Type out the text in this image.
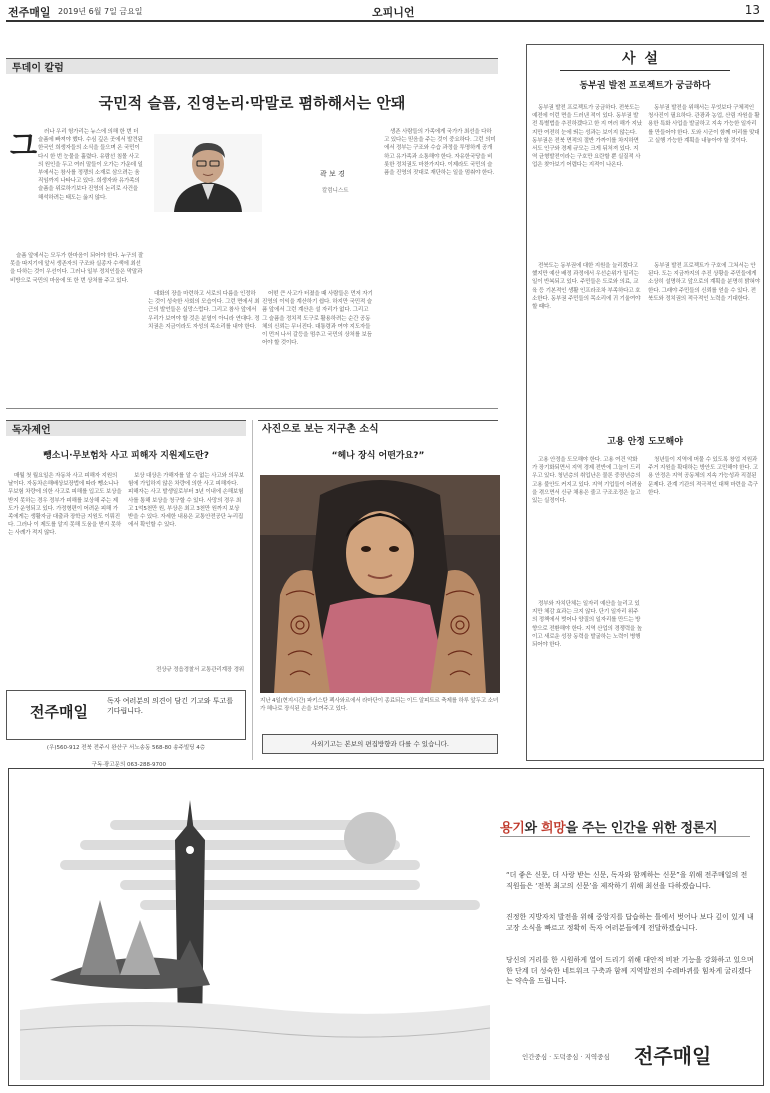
전주매일 2019년 6월 7일 금요일	오피니언	13
투데이 칼럼
국민적 슬픔, 진영논리·막말로 폄하해서는 안돼
그	러나 우리 헝가리는 뉴스에 의해 한 번 더 슬픔에 빠져야 했다. 수심 깊은 곳에서 발견된 한국인 희생자들의 소식을 들으며 온 국민이 다시 한 번 눈물을 흘렸다. 유람선 침몰 사고의 원인을 두고 여러 말들이 오가는 가운데 일부에서는 참사를 정쟁의 소재로 삼으려는 움직임까지 나타나고 있다. 희생자와 유가족의 슬픔을 위로하기보다 진영의 논리로 사건을 해석하려는 태도는 옳지 않다.

슬픔 앞에서는 모두가 한마음이 되어야 한다. 누구의 잘못을 따지기에 앞서 생존자의 구조와 실종자 수색에 최선을 다하는 것이 우선이다. 그러나 일부 정치인들은 막말과 비방으로 국민의 마음에 또 한 번 상처를 주고 있다.

곽 보 경
칼럼니스트

대화의 장을 마련하고 서로의 다름을 인정하는 것이 성숙한 사회의 모습이다. 그런 면에서 최근의 발언들은 실망스럽다. 그리고 참사 앞에서 우리가 보여야 할 것은 분열이 아니라 연대다. 정치권은 지금이라도 자성의 목소리를 내야 한다.

어떤 큰 사고가 터졌을 때 사람들은 먼저 자기 진영의 이익을 계산하기 쉽다. 하지만 국민적 슬픔 앞에서 그런 계산은 설 자리가 없다. 그리고 그 슬픔을 정치적 도구로 활용하려는 순간 공동체의 신뢰는 무너진다. 대통령과 여야 지도자들이 먼저 나서 갈등을 멈추고 국민의 상처를 보듬어야 할 것이다.

생존 사람들의 가족에게 국가가 최선을 다하고 있다는 믿음을 주는 것이 중요하다. 그런 의미에서 정부는 구조와 수습 과정을 투명하게 공개하고 유가족과 소통해야 한다. 자유한국당을 비롯한 정치권도 마찬가지다. 이제라도 국민의 슬픔을 진영의 잣대로 재단하는 일을 멈춰야 한다.

사 설
동부권 발전 프로젝트가 궁금하다

동부권 발전 프로젝트가 궁금하다. 전북도는 예전에 이런 면을 드러낸 적이 있다. 동부권 발전 특별법을 추진하겠다고 한 지 여러 해가 지났지만 여전히 눈에 띄는 성과는 보이지 않는다. 동부권은 전북 면적의 절반 가까이를 차지하면서도 인구와 경제 규모는 크게 뒤처져 있다. 지역 균형발전이라는 구호만 요란할 뿐 실질적 사업은 찾아보기 어렵다는 지적이 나온다.

전북도는 동부권에 대한 지원을 늘리겠다고 했지만 예산 배정 과정에서 우선순위가 밀리는 일이 반복되고 있다. 주민들은 도로와 의료, 교육 등 기본적인 생활 인프라조차 부족하다고 호소한다. 동부권 주민들의 목소리에 귀 기울여야 할 때다.

동부권 발전을 위해서는 무엇보다 구체적인 청사진이 필요하다. 관광과 농업, 산림 자원을 활용한 특화 사업을 발굴하고 지속 가능한 일자리를 만들어야 한다. 도와 시군이 함께 머리를 맞대고 실행 가능한 계획을 내놓아야 할 것이다.

동부권 발전 프로젝트가 구호에 그쳐서는 안 된다. 도는 지금까지의 추진 상황을 주민들에게 소상히 설명하고 앞으로의 계획을 분명히 밝혀야 한다. 그래야 주민들의 신뢰를 얻을 수 있다. 전북도와 정치권의 적극적인 노력을 기대한다.

고용 안정 도모해야

고용 안정을 도모해야 한다. 고용 여건 악화가 장기화되면서 지역 경제 전반에 그늘이 드리우고 있다. 청년층의 취업난은 물론 중장년층의 고용 불안도 커지고 있다. 지역 기업들이 어려움을 겪으면서 신규 채용은 줄고 구조조정은 늘고 있는 실정이다.

정부와 자치단체는 일자리 예산을 늘리고 있지만 체감 효과는 크지 않다. 단기 일자리 위주의 정책에서 벗어나 양질의 일자리를 만드는 방향으로 전환해야 한다. 지역 산업의 경쟁력을 높이고 새로운 성장 동력을 발굴하는 노력이 병행되어야 한다.

청년들이 지역에 머물 수 있도록 창업 지원과 주거 지원을 확대하는 방안도 고민해야 한다. 고용 안정은 지역 공동체의 지속 가능성과 직결된 문제다. 관계 기관의 적극적인 대책 마련을 촉구한다.

독자제언
뺑소니·무보험차 사고 피해자 지원제도란?

매월 첫 월요일은 자동차 사고 피해자 지원의 날이다. 자동차손해배상보장법에 따라 뺑소니나 무보험 차량에 의한 사고로 피해를 입고도 보상을 받지 못하는 경우 정부가 피해를 보상해 주는 제도가 운영되고 있다. 가정형편이 어려운 피해 가족에게는 생활자금 대출과 장학금 지원도 이뤄진다. 그러나 이 제도를 알지 못해 도움을 받지 못하는 사례가 적지 않다.

보상 대상은 가해자를 알 수 없는 사고와 의무보험에 가입하지 않은 차량에 의한 사고 피해자다. 피해자는 사고 발생일로부터 3년 이내에 손해보험사를 통해 보상을 청구할 수 있다. 사망의 경우 최고 1억5천만 원, 부상은 최고 3천만 원까지 보상받을 수 있다. 자세한 내용은 교통안전공단 누리집에서 확인할 수 있다.

전상규 정읍경찰서 교통관리계장 경위
전주매일
독자 여러분의 의견이 담긴 기고와 투고를 기다립니다.
(우)560-912 전북 전주시 완산구 서노송동 568-80 송주빌딩 4층
구독·광고문의 063-288-9700
사진으로 보는 지구촌 소식
“헤나 장식 어떤가요?”
지난 4일(현지시간) 파키스탄 펙사와르에서 라마단이 종료되는 이드 알피트르 축제를 하루 앞두고 소녀가 헤나로 장식된 손을 보여주고 있다.
사외기고는 본보의 편집방향과 다를 수 있습니다.
용기와 희망을 주는 인간을 위한 정론지
“더 좋은 신문, 더 사랑 받는 신문, 독자와 함께하는 신문”을 위해 전주매일의 전 직원들은 ‘전북 최고의 신문’을 제작하기 위해 최선을 다하겠습니다.
진정한 지방자치 발전을 위해 중앙지를 답습하는 틀에서 벗어나 보다 깊이 있게 내 고장 소식을 빠르고 정확히 독자 여러분들에게 전달하겠습니다.
당신의 거리를 한 시원하게 열어 드리기 위해 대안적 비판 기능을 강화하고 있으며 한 단계 더 성숙한 네트워크 구축과 함께 지역발전의 수레바퀴를 힘차게 굴리겠다는 약속을 드립니다.
인간중심 · 도덕중심 · 지역중심 전주매일
